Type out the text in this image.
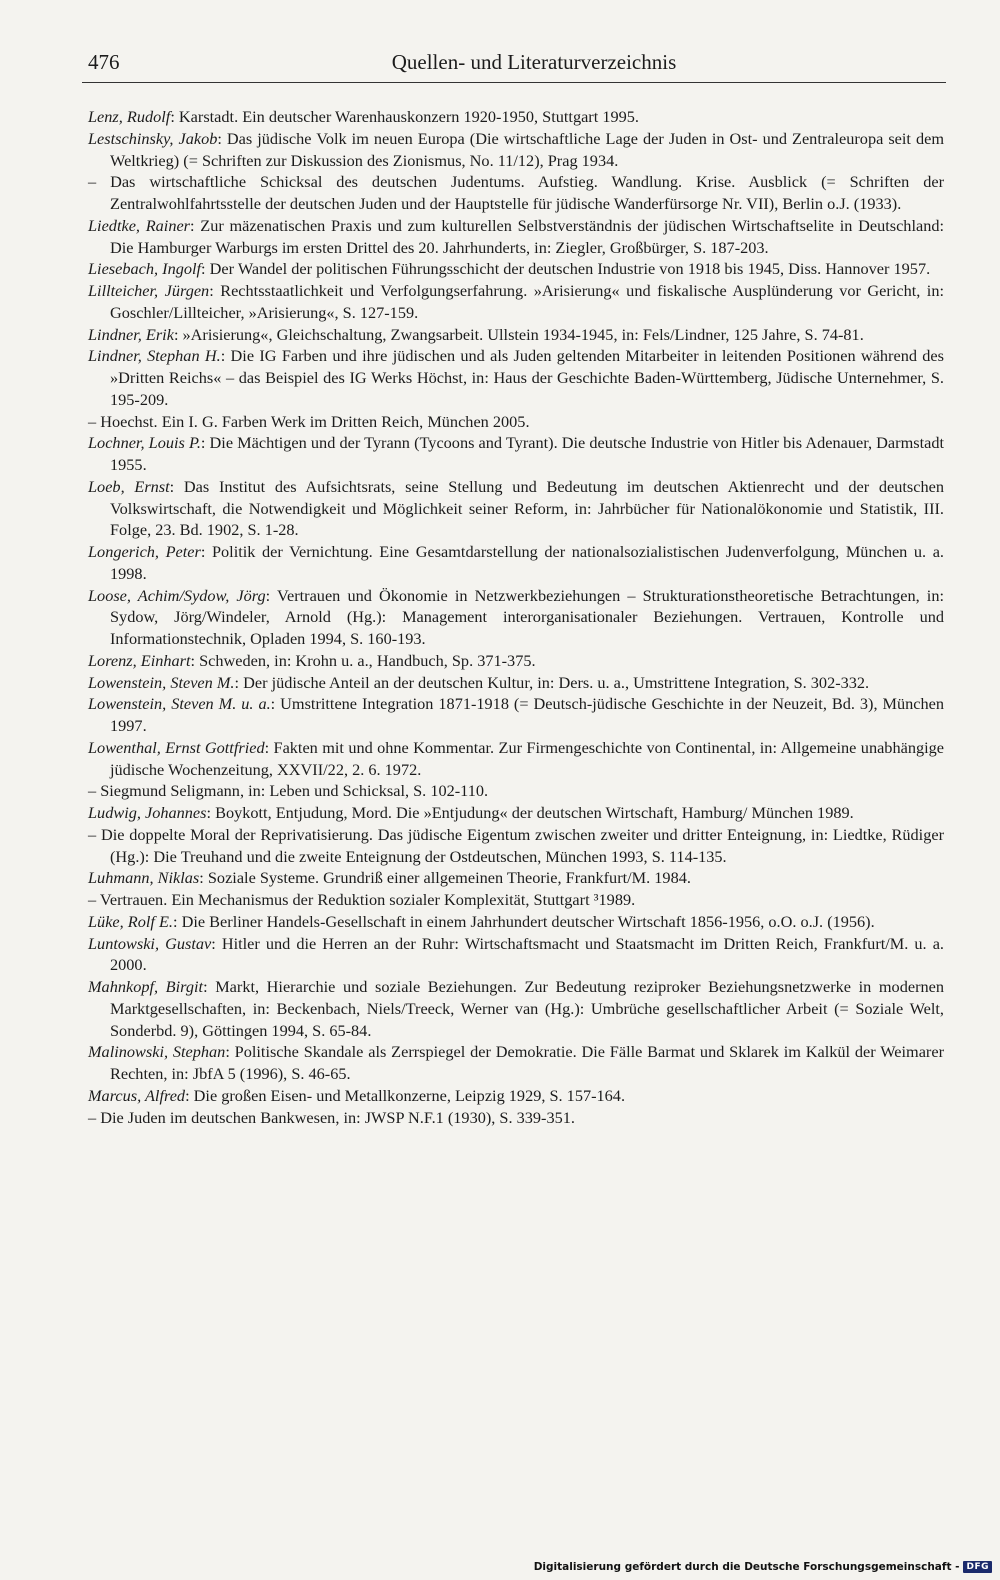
476	Quellen- und Literaturverzeichnis

Lenz, Rudolf: Karstadt. Ein deutscher Warenhauskonzern 1920-1950, Stuttgart 1995.

Lestschinsky, Jakob: Das jüdische Volk im neuen Europa (Die wirtschaftliche Lage der Juden in Ost- und Zentraleuropa seit dem Weltkrieg) (= Schriften zur Diskussion des Zionismus, No. 11/12), Prag 1934.

– Das wirtschaftliche Schicksal des deutschen Judentums. Aufstieg. Wandlung. Krise. Ausblick (= Schriften der Zentralwohlfahrtsstelle der deutschen Juden und der Hauptstelle für jüdische Wanderfürsorge Nr. VII), Berlin o.J. (1933).

Liedtke, Rainer: Zur mäzenatischen Praxis und zum kulturellen Selbstverständnis der jüdischen Wirtschaftselite in Deutschland: Die Hamburger Warburgs im ersten Drittel des 20. Jahrhunderts, in: Ziegler, Großbürger, S. 187-203.

Liesebach, Ingolf: Der Wandel der politischen Führungsschicht der deutschen Industrie von 1918 bis 1945, Diss. Hannover 1957.

Lillteicher, Jürgen: Rechtsstaatlichkeit und Verfolgungserfahrung. »Arisierung« und fiskalische Ausplünderung vor Gericht, in: Goschler/Lillteicher, »Arisierung«, S. 127-159.

Lindner, Erik: »Arisierung«, Gleichschaltung, Zwangsarbeit. Ullstein 1934-1945, in: Fels/Lindner, 125 Jahre, S. 74-81.

Lindner, Stephan H.: Die IG Farben und ihre jüdischen und als Juden geltenden Mitarbeiter in leitenden Positionen während des »Dritten Reichs« – das Beispiel des IG Werks Höchst, in: Haus der Geschichte Baden-Württemberg, Jüdische Unternehmer, S. 195-209.

– Hoechst. Ein I. G. Farben Werk im Dritten Reich, München 2005.

Lochner, Louis P.: Die Mächtigen und der Tyrann (Tycoons and Tyrant). Die deutsche Industrie von Hitler bis Adenauer, Darmstadt 1955.

Loeb, Ernst: Das Institut des Aufsichtsrats, seine Stellung und Bedeutung im deutschen Aktienrecht und der deutschen Volkswirtschaft, die Notwendigkeit und Möglichkeit seiner Reform, in: Jahrbücher für Nationalökonomie und Statistik, III. Folge, 23. Bd. 1902, S. 1-28.

Longerich, Peter: Politik der Vernichtung. Eine Gesamtdarstellung der nationalsozialistischen Judenverfolgung, München u. a. 1998.

Loose, Achim/Sydow, Jörg: Vertrauen und Ökonomie in Netzwerkbeziehungen – Strukturationstheoretische Betrachtungen, in: Sydow, Jörg/Windeler, Arnold (Hg.): Management interorganisationaler Beziehungen. Vertrauen, Kontrolle und Informationstechnik, Opladen 1994, S. 160-193.

Lorenz, Einhart: Schweden, in: Krohn u. a., Handbuch, Sp. 371-375.

Lowenstein, Steven M.: Der jüdische Anteil an der deutschen Kultur, in: Ders. u. a., Umstrittene Integration, S. 302-332.

Lowenstein, Steven M. u. a.: Umstrittene Integration 1871-1918 (= Deutsch-jüdische Geschichte in der Neuzeit, Bd. 3), München 1997.

Lowenthal, Ernst Gottfried: Fakten mit und ohne Kommentar. Zur Firmengeschichte von Continental, in: Allgemeine unabhängige jüdische Wochenzeitung, XXVII/22, 2. 6. 1972.

– Siegmund Seligmann, in: Leben und Schicksal, S. 102-110.

Ludwig, Johannes: Boykott, Entjudung, Mord. Die »Entjudung« der deutschen Wirtschaft, Hamburg/ München 1989.

– Die doppelte Moral der Reprivatisierung. Das jüdische Eigentum zwischen zweiter und dritter Enteignung, in: Liedtke, Rüdiger (Hg.): Die Treuhand und die zweite Enteignung der Ostdeutschen, München 1993, S. 114-135.

Luhmann, Niklas: Soziale Systeme. Grundriß einer allgemeinen Theorie, Frankfurt/M. 1984.

– Vertrauen. Ein Mechanismus der Reduktion sozialer Komplexität, Stuttgart ³1989.

Lüke, Rolf E.: Die Berliner Handels-Gesellschaft in einem Jahrhundert deutscher Wirtschaft 1856-1956, o.O. o.J. (1956).

Luntowski, Gustav: Hitler und die Herren an der Ruhr: Wirtschaftsmacht und Staatsmacht im Dritten Reich, Frankfurt/M. u. a. 2000.

Mahnkopf, Birgit: Markt, Hierarchie und soziale Beziehungen. Zur Bedeutung reziproker Beziehungsnetzwerke in modernen Marktgesellschaften, in: Beckenbach, Niels/Treeck, Werner van (Hg.): Umbrüche gesellschaftlicher Arbeit (= Soziale Welt, Sonderbd. 9), Göttingen 1994, S. 65-84.

Malinowski, Stephan: Politische Skandale als Zerrspiegel der Demokratie. Die Fälle Barmat und Sklarek im Kalkül der Weimarer Rechten, in: JbfA 5 (1996), S. 46-65.

Marcus, Alfred: Die großen Eisen- und Metallkonzerne, Leipzig 1929, S. 157-164.

– Die Juden im deutschen Bankwesen, in: JWSP N.F.1 (1930), S. 339-351.

Digitalisierung gefördert durch die Deutsche Forschungsgemeinschaft - DFG
